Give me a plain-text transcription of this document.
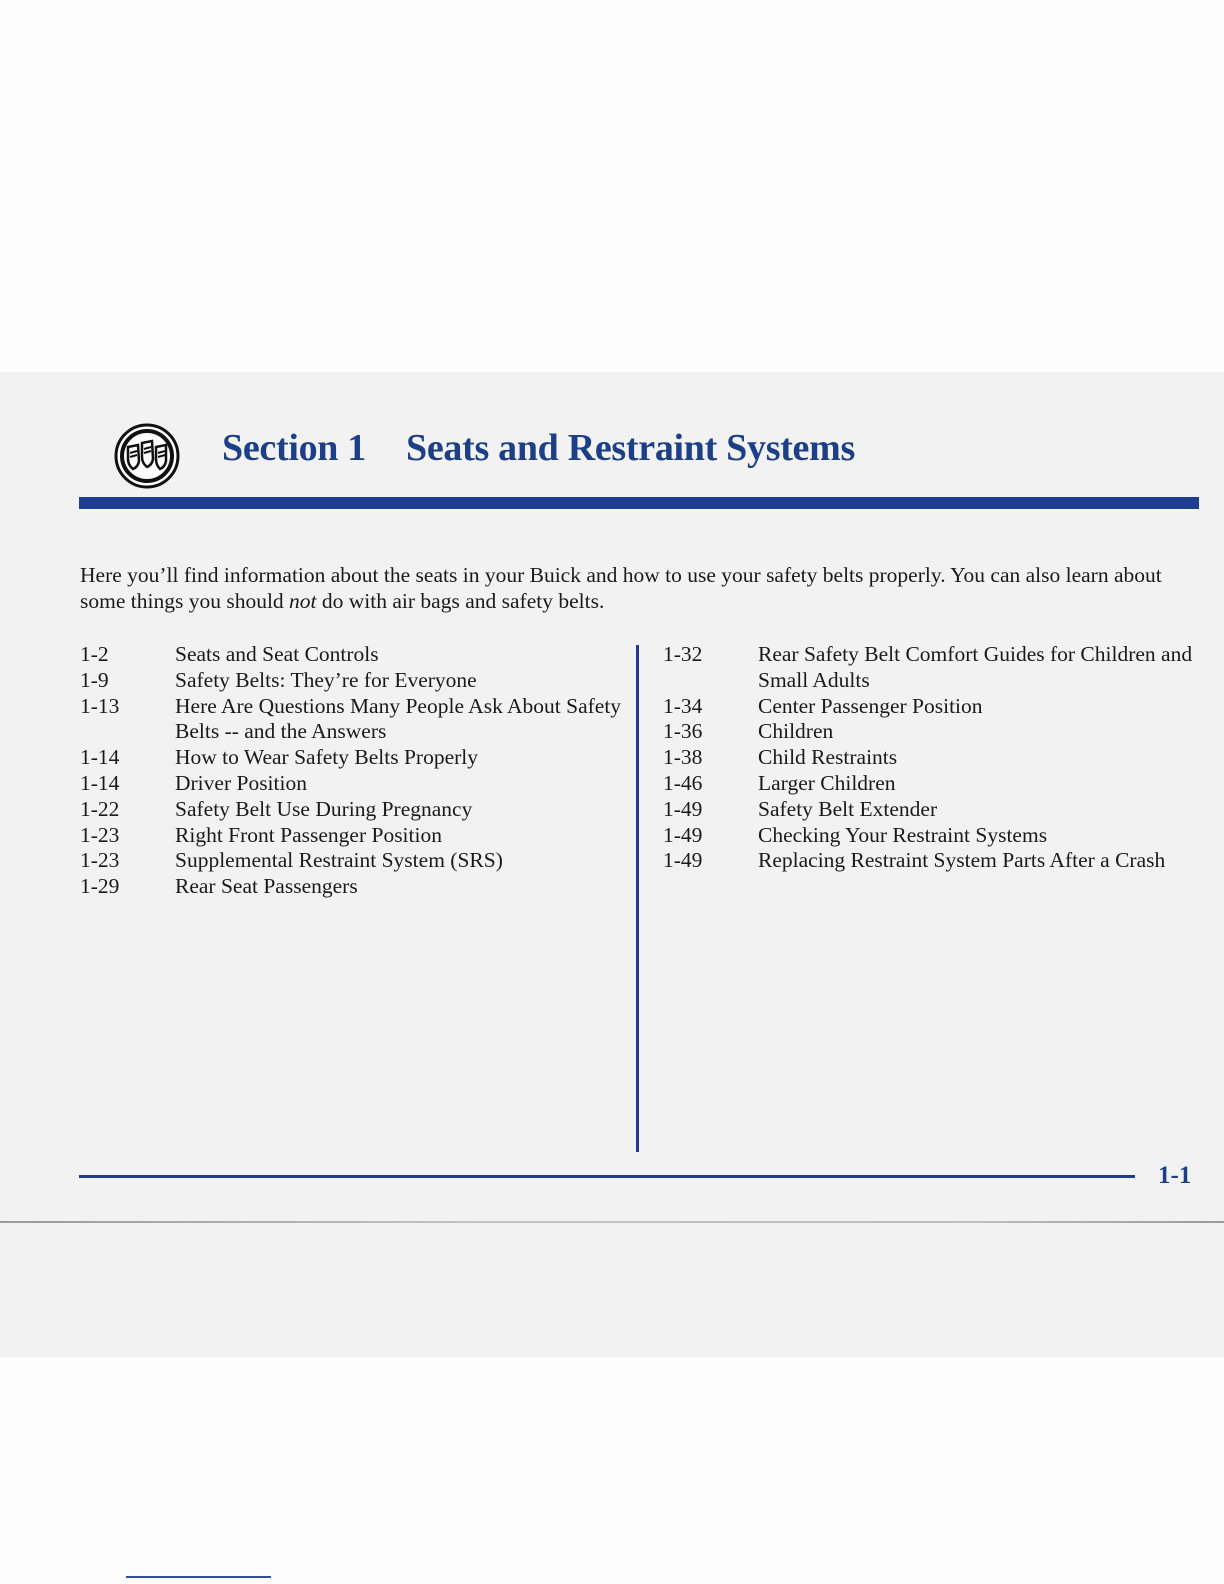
Section 1 Seats and Restraint Systems

Here you’ll find information about the seats in your Buick and how to use your safety belts properly. You can also learn about some things you should not do with air bags and safety belts.

1-2	Seats and Seat Controls
1-9	Safety Belts: They’re for Everyone
1-13	Here Are Questions Many People Ask About Safety Belts -- and the Answers
1-14	How to Wear Safety Belts Properly
1-14	Driver Position
1-22	Safety Belt Use During Pregnancy
1-23	Right Front Passenger Position
1-23	Supplemental Restraint System (SRS)
1-29	Rear Seat Passengers
1-32	Rear Safety Belt Comfort Guides for Children and Small Adults
1-34	Center Passenger Position
1-36	Children
1-38	Child Restraints
1-46	Larger Children
1-49	Safety Belt Extender
1-49	Checking Your Restraint Systems
1-49	Replacing Restraint System Parts After a Crash
1-1
